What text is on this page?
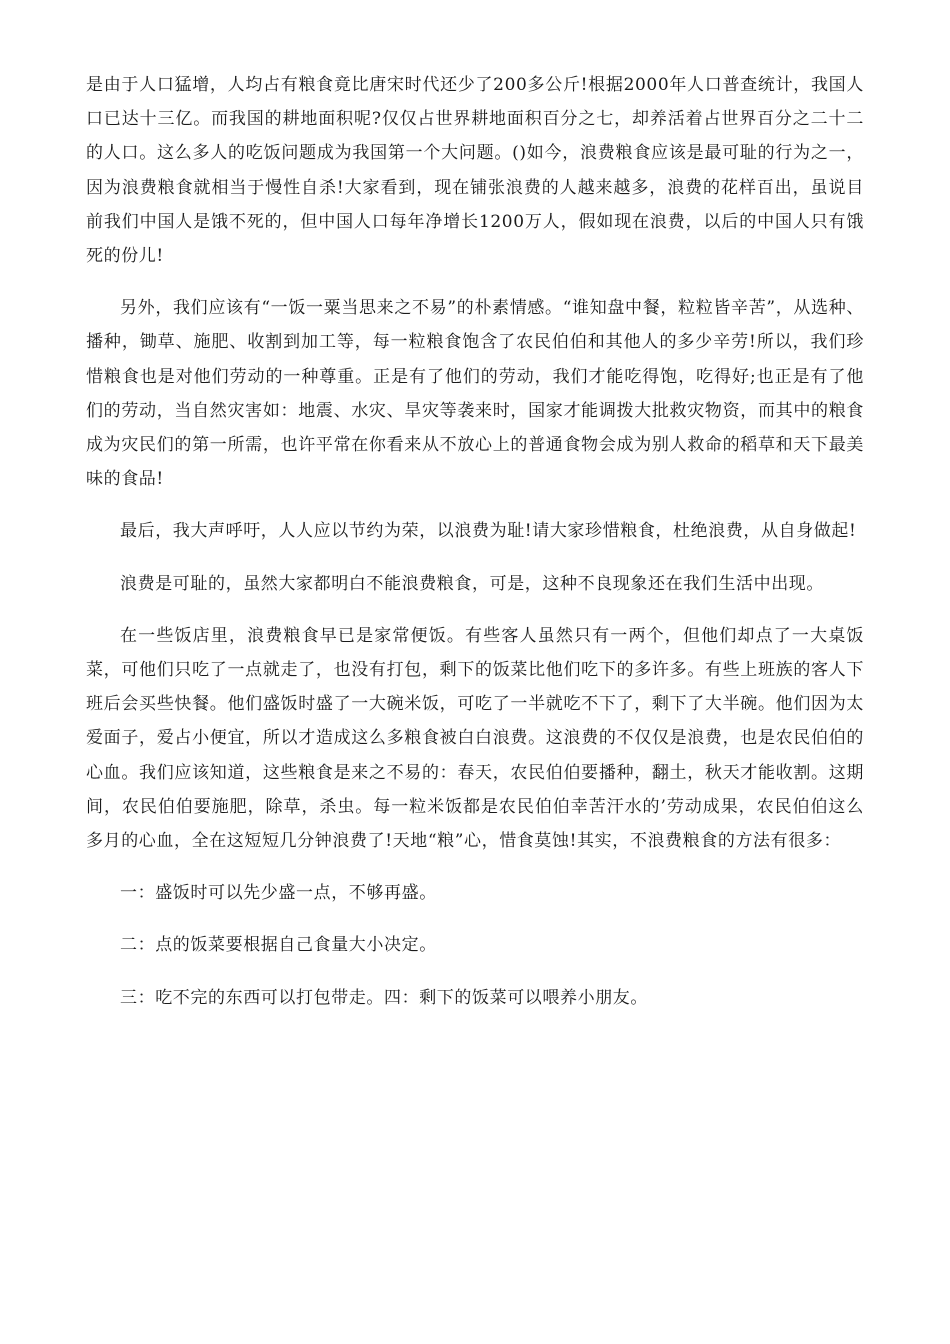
是由于人口猛增，人均占有粮食竟比唐宋时代还少了200多公斤!根据2000年人口普查统计，我国人口已达十三亿。而我国的耕地面积呢?仅仅占世界耕地面积百分之七，却养活着占世界百分之二十二的人口。这么多人的吃饭问题成为我国第一个大问题。()如今，浪费粮食应该是最可耻的行为之一，因为浪费粮食就相当于慢性自杀!大家看到，现在铺张浪费的人越来越多，浪费的花样百出，虽说目前我们中国人是饿不死的，但中国人口每年净增长1200万人，假如现在浪费，以后的中国人只有饿死的份儿!

另外，我们应该有“一饭一粟当思来之不易”的朴素情感。“谁知盘中餐，粒粒皆辛苦”，从选种、播种，锄草、施肥、收割到加工等，每一粒粮食饱含了农民伯伯和其他人的多少辛劳!所以，我们珍惜粮食也是对他们劳动的一种尊重。正是有了他们的劳动，我们才能吃得饱，吃得好;也正是有了他们的劳动，当自然灾害如：地震、水灾、旱灾等袭来时，国家才能调拨大批救灾物资，而其中的粮食成为灾民们的第一所需，也许平常在你看来从不放心上的普通食物会成为别人救命的稻草和天下最美味的食品!

最后，我大声呼吁，人人应以节约为荣，以浪费为耻!请大家珍惜粮食，杜绝浪费，从自身做起!

浪费是可耻的，虽然大家都明白不能浪费粮食，可是，这种不良现象还在我们生活中出现。

在一些饭店里，浪费粮食早已是家常便饭。有些客人虽然只有一两个，但他们却点了一大桌饭菜，可他们只吃了一点就走了，也没有打包，剩下的饭菜比他们吃下的多许多。有些上班族的客人下班后会买些快餐。他们盛饭时盛了一大碗米饭，可吃了一半就吃不下了，剩下了大半碗。他们因为太爱面子，爱占小便宜，所以才造成这么多粮食被白白浪费。这浪费的不仅仅是浪费，也是农民伯伯的心血。我们应该知道，这些粮食是来之不易的：春天，农民伯伯要播种，翻土，秋天才能收割。这期间，农民伯伯要施肥，除草，杀虫。每一粒米饭都是农民伯伯幸苦汗水的’劳动成果，农民伯伯这么多月的心血，全在这短短几分钟浪费了!天地“粮”心，惜食莫蚀!其实，不浪费粮食的方法有很多：

一：盛饭时可以先少盛一点，不够再盛。

二：点的饭菜要根据自己食量大小决定。

三：吃不完的东西可以打包带走。四：剩下的饭菜可以喂养小朋友。
